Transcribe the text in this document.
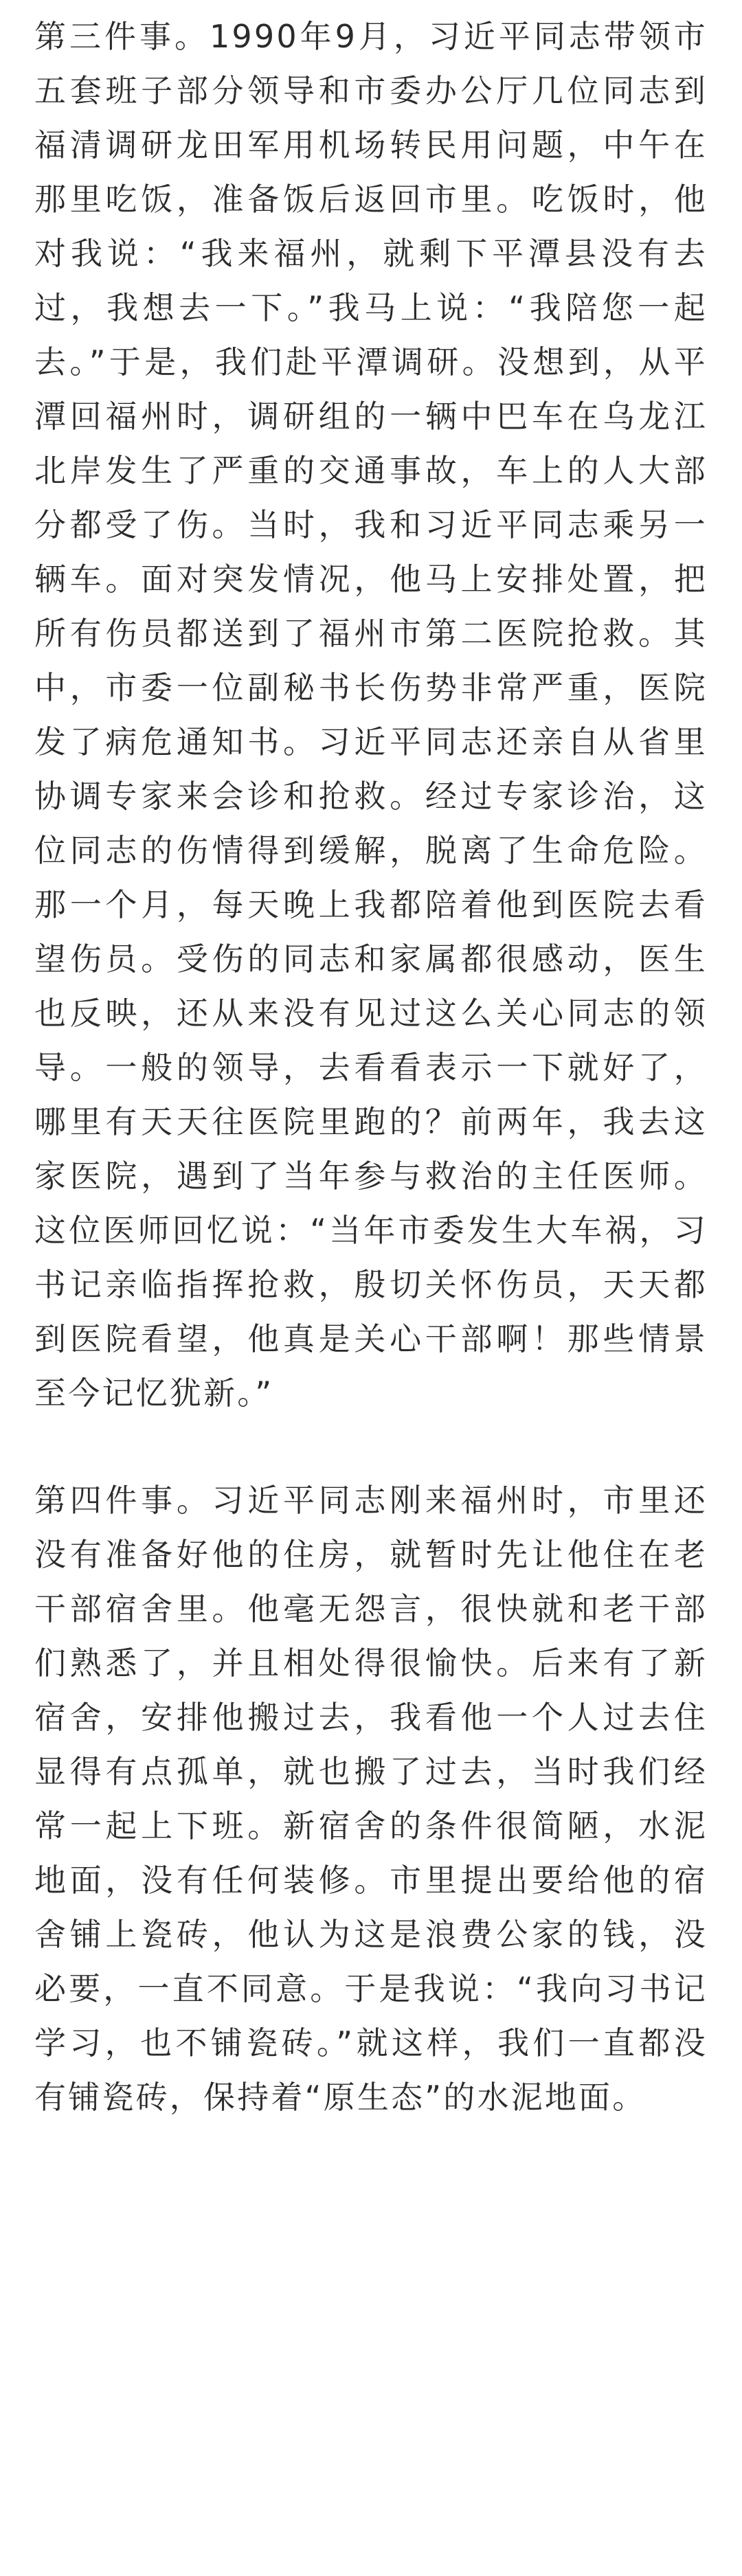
第三件事。1990年9月，习近平同志带领市五套班子部分领导和市委办公厅几位同志到福清调研龙田军用机场转民用问题，中午在那里吃饭，准备饭后返回市里。吃饭时，他对我说：“我来福州，就剩下平潭县没有去过，我想去一下。”我马上说：“我陪您一起去。”于是，我们赴平潭调研。没想到，从平潭回福州时，调研组的一辆中巴车在乌龙江北岸发生了严重的交通事故，车上的人大部分都受了伤。当时，我和习近平同志乘另一辆车。面对突发情况，他马上安排处置，把所有伤员都送到了福州市第二医院抢救。其中，市委一位副秘书长伤势非常严重，医院发了病危通知书。习近平同志还亲自从省里协调专家来会诊和抢救。经过专家诊治，这位同志的伤情得到缓解，脱离了生命危险。那一个月，每天晚上我都陪着他到医院去看望伤员。受伤的同志和家属都很感动，医生也反映，还从来没有见过这么关心同志的领导。一般的领导，去看看表示一下就好了，哪里有天天往医院里跑的？前两年，我去这家医院，遇到了当年参与救治的主任医师。这位医师回忆说：“当年市委发生大车祸，习书记亲临指挥抢救，殷切关怀伤员，天天都到医院看望，他真是关心干部啊！那些情景至今记忆犹新。”

第四件事。习近平同志刚来福州时，市里还没有准备好他的住房，就暂时先让他住在老干部宿舍里。他毫无怨言，很快就和老干部们熟悉了，并且相处得很愉快。后来有了新宿舍，安排他搬过去，我看他一个人过去住显得有点孤单，就也搬了过去，当时我们经常一起上下班。新宿舍的条件很简陋，水泥地面，没有任何装修。市里提出要给他的宿舍铺上瓷砖，他认为这是浪费公家的钱，没必要，一直不同意。于是我说：“我向习书记学习，也不铺瓷砖。”就这样，我们一直都没有铺瓷砖，保持着“原生态”的水泥地面。
